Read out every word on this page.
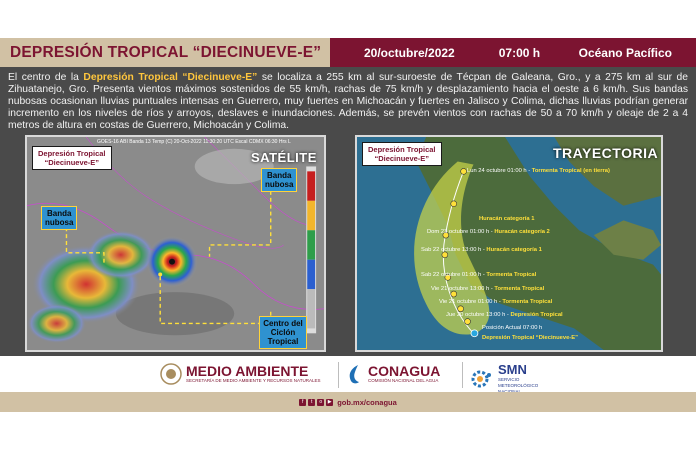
DEPRESIÓN TROPICAL “DIECINUEVE-E”	20/octubre/2022	07:00 h	Océano Pacífico
El centro de la Depresión Tropical “Diecinueve-E” se localiza a 255 km al sur-suroeste de Técpan de Galeana, Gro., y a 275 km al sur de Zihuatanejo, Gro. Presenta vientos máximos sostenidos de 55 km/h, rachas de 75 km/h y desplazamiento hacia el oeste a 6 km/h. Sus bandas nubosas ocasionan lluvias puntuales intensas en Guerrero, muy fuertes en Michoacán y fuertes en Jalisco y Colima, dichas lluvias podrían generar incremento en los niveles de ríos y arroyos, deslaves e inundaciones. Además, se prevén vientos con rachas de 50 a 70 km/h y oleaje de 2 a 4 metros de altura en costas de Guerrero, Michoacán y Colima.
GOES-16 ABI Banda 13 Temp (C) 20-Oct-2022 11:30:20 UTC Escal CDMX 06:30 Hrs L
Depresión Tropical
“Diecinueve-E”	SATÉLITE
Banda
nubosa
Banda
nubosa
Centro del Ciclón
Tropical
Depresión Tropical
“Diecinueve-E”	TRAYECTORIA
Lun 24 octubre 01:00 h - Tormenta Tropical (en tierra)
Huracán categoría 1
Dom 23 octubre 01:00 h - Huracán categoría 2
Sab 22 octubre 13:00 h - Huracán categoría 1
Sab 22 octubre 01:00 h - Tormenta Tropical
Vie 21 octubre 13:00 h - Tormenta Tropical
Vie 21 octubre 01:00 h - Tormenta Tropical
Jue 20 octubre 13:00 h - Depresión Tropical
Posición Actual 07:00 h
Depresión Tropical “Diecinueve-E”
MEDIO AMBIENTE
SECRETARÍA DE MEDIO AMBIENTE Y RECURSOS NATURALES
CONAGUA
COMISIÓN NACIONAL DEL AGUA
SMN
SERVICIO METEOROLÓGICO
f	t	o	▶ gob.mx/conagua
